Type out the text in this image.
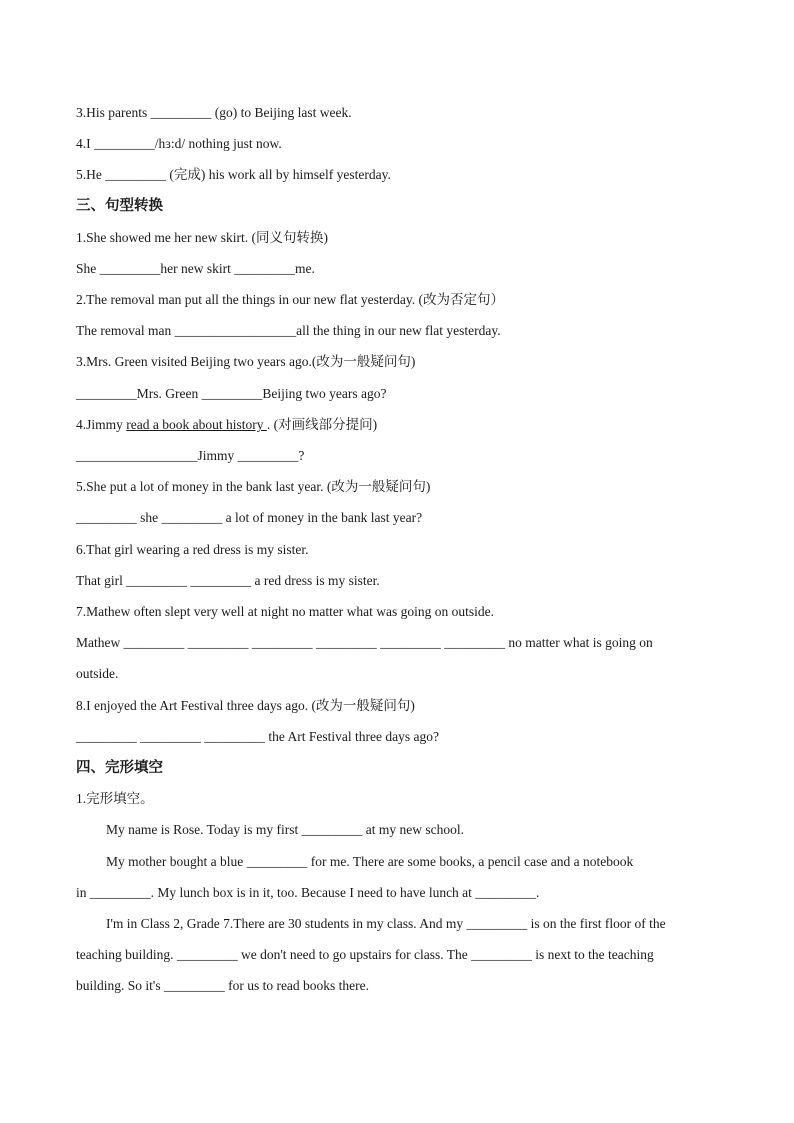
3.His parents _________ (go) to Beijing last week.
4.I _________/hɜ:d/ nothing just now.
5.He _________ (完成) his work all by himself yesterday.
三、句型转换
1.She showed me her new skirt. (同义句转换)
She _________her new skirt _________me.
2.The removal man put all the things in our new flat yesterday. (改为否定句）
The removal man __________________all the thing in our new flat yesterday.
3.Mrs. Green visited Beijing two years ago.(改为一般疑问句)
_________Mrs. Green _________Beijing two years ago?
4.Jimmy read a book about history . (对画线部分提问)
__________________Jimmy _________?
5.She put a lot of money in the bank last year. (改为一般疑问句)
_________ she _________ a lot of money in the bank last year?
6.That girl wearing a red dress is my sister.
That girl _________ _________ a red dress is my sister.
7.Mathew often slept very well at night no matter what was going on outside.
Mathew _________ _________ _________ _________ _________ _________ no matter what is going on
outside.
8.I enjoyed the Art Festival three days ago. (改为一般疑问句)
_________ _________ _________ the Art Festival three days ago?
四、完形填空
1.完形填空。
My name is Rose. Today is my first _________ at my new school.
My mother bought a blue _________ for me. There are some books, a pencil case and a notebook
in _________. My lunch box is in it, too. Because I need to have lunch at _________.
I'm in Class 2, Grade 7.There are 30 students in my class. And my _________ is on the first floor of the
teaching building. _________ we don't need to go upstairs for class. The _________ is next to the teaching
building. So it's _________ for us to read books there.
